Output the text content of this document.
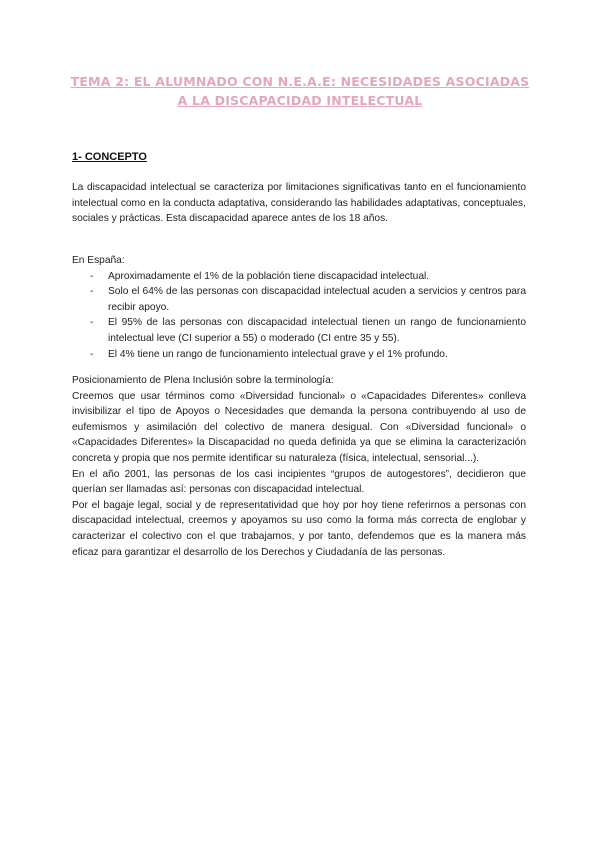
TEMA 2: EL ALUMNADO CON N.E.A.E: NECESIDADES ASOCIADAS A LA DISCAPACIDAD INTELECTUAL
1- CONCEPTO
La discapacidad intelectual se caracteriza por limitaciones significativas tanto en el funcionamiento intelectual como en la conducta adaptativa, considerando las habilidades adaptativas, conceptuales, sociales y prácticas. Esta discapacidad aparece antes de los 18 años.
En España:
- Aproximadamente el 1% de la población tiene discapacidad intelectual.
- Solo el 64% de las personas con discapacidad intelectual acuden a servicios y centros para recibir apoyo.
- El 95% de las personas con discapacidad intelectual tienen un rango de funcionamiento intelectual leve (CI superior a 55) o moderado (CI entre 35 y 55).
- El 4% tiene un rango de funcionamiento intelectual grave y el 1% profundo.
Posicionamiento de Plena Inclusión sobre la terminología:

Creemos que usar términos como «Diversidad funcional» o «Capacidades Diferentes» conlleva invisibilizar el tipo de Apoyos o Necesidades que demanda la persona contribuyendo al uso de eufemismos y asimilación del colectivo de manera desigual. Con «Diversidad funcional» o «Capacidades Diferentes» la Discapacidad no queda definida ya que se elimina la caracterización concreta y propia que nos permite identificar su naturaleza (física, intelectual, sensorial...).

En el año 2001, las personas de los casi incipientes “grupos de autogestores”, decidieron que querían ser llamadas así: personas con discapacidad intelectual.

Por el bagaje legal, social y de representatividad que hoy por hoy tiene referirnos a personas con discapacidad intelectual, creemos y apoyamos su uso como la forma más correcta de englobar y caracterizar el colectivo con el que trabajamos, y por tanto, defendemos que es la manera más eficaz para garantizar el desarrollo de los Derechos y Ciudadanía de las personas.
